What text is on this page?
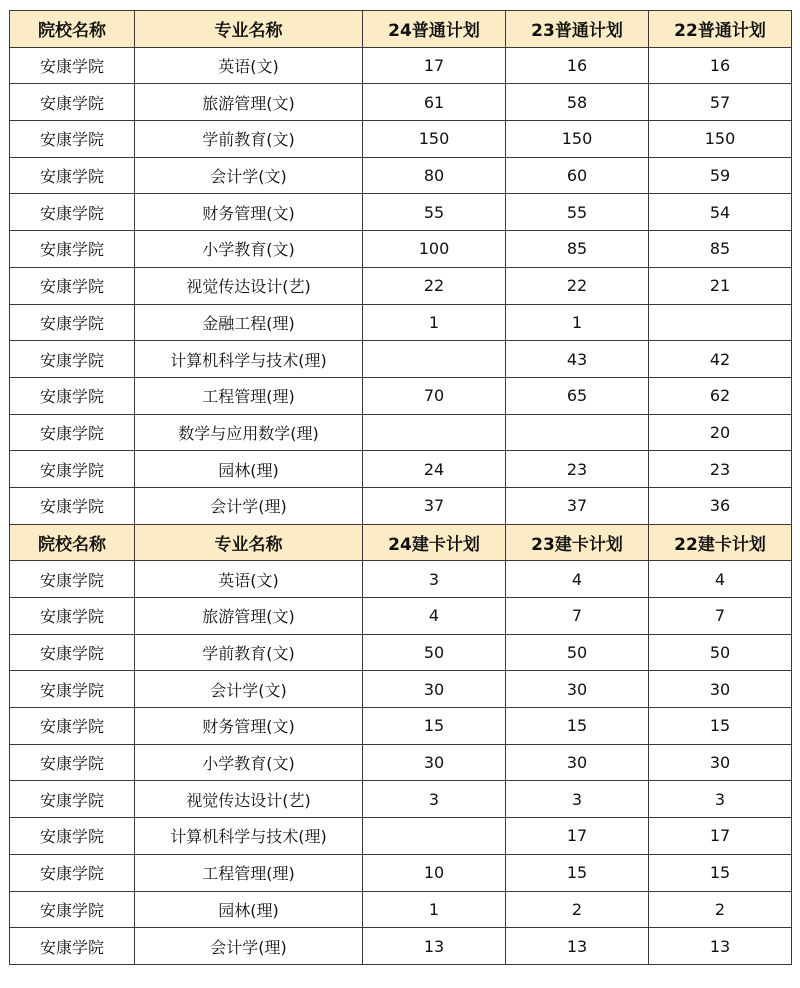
院校名称	专业名称	24普通计划	23普通计划	22普通计划
安康学院	英语(文)	17	16	16
安康学院	旅游管理(文)	61	58	57
安康学院	学前教育(文)	150	150	150
安康学院	会计学(文)	80	60	59
安康学院	财务管理(文)	55	55	54
安康学院	小学教育(文)	100	85	85
安康学院	视觉传达设计(艺)	22	22	21
安康学院	金融工程(理)	1	1	
安康学院	计算机科学与技术(理)		43	42
安康学院	工程管理(理)	70	65	62
安康学院	数学与应用数学(理)			20
安康学院	园林(理)	24	23	23
安康学院	会计学(理)	37	37	36
院校名称	专业名称	24建卡计划	23建卡计划	22建卡计划
安康学院	英语(文)	3	4	4
安康学院	旅游管理(文)	4	7	7
安康学院	学前教育(文)	50	50	50
安康学院	会计学(文)	30	30	30
安康学院	财务管理(文)	15	15	15
安康学院	小学教育(文)	30	30	30
安康学院	视觉传达设计(艺)	3	3	3
安康学院	计算机科学与技术(理)		17	17
安康学院	工程管理(理)	10	15	15
安康学院	园林(理)	1	2	2
安康学院	会计学(理)	13	13	13
